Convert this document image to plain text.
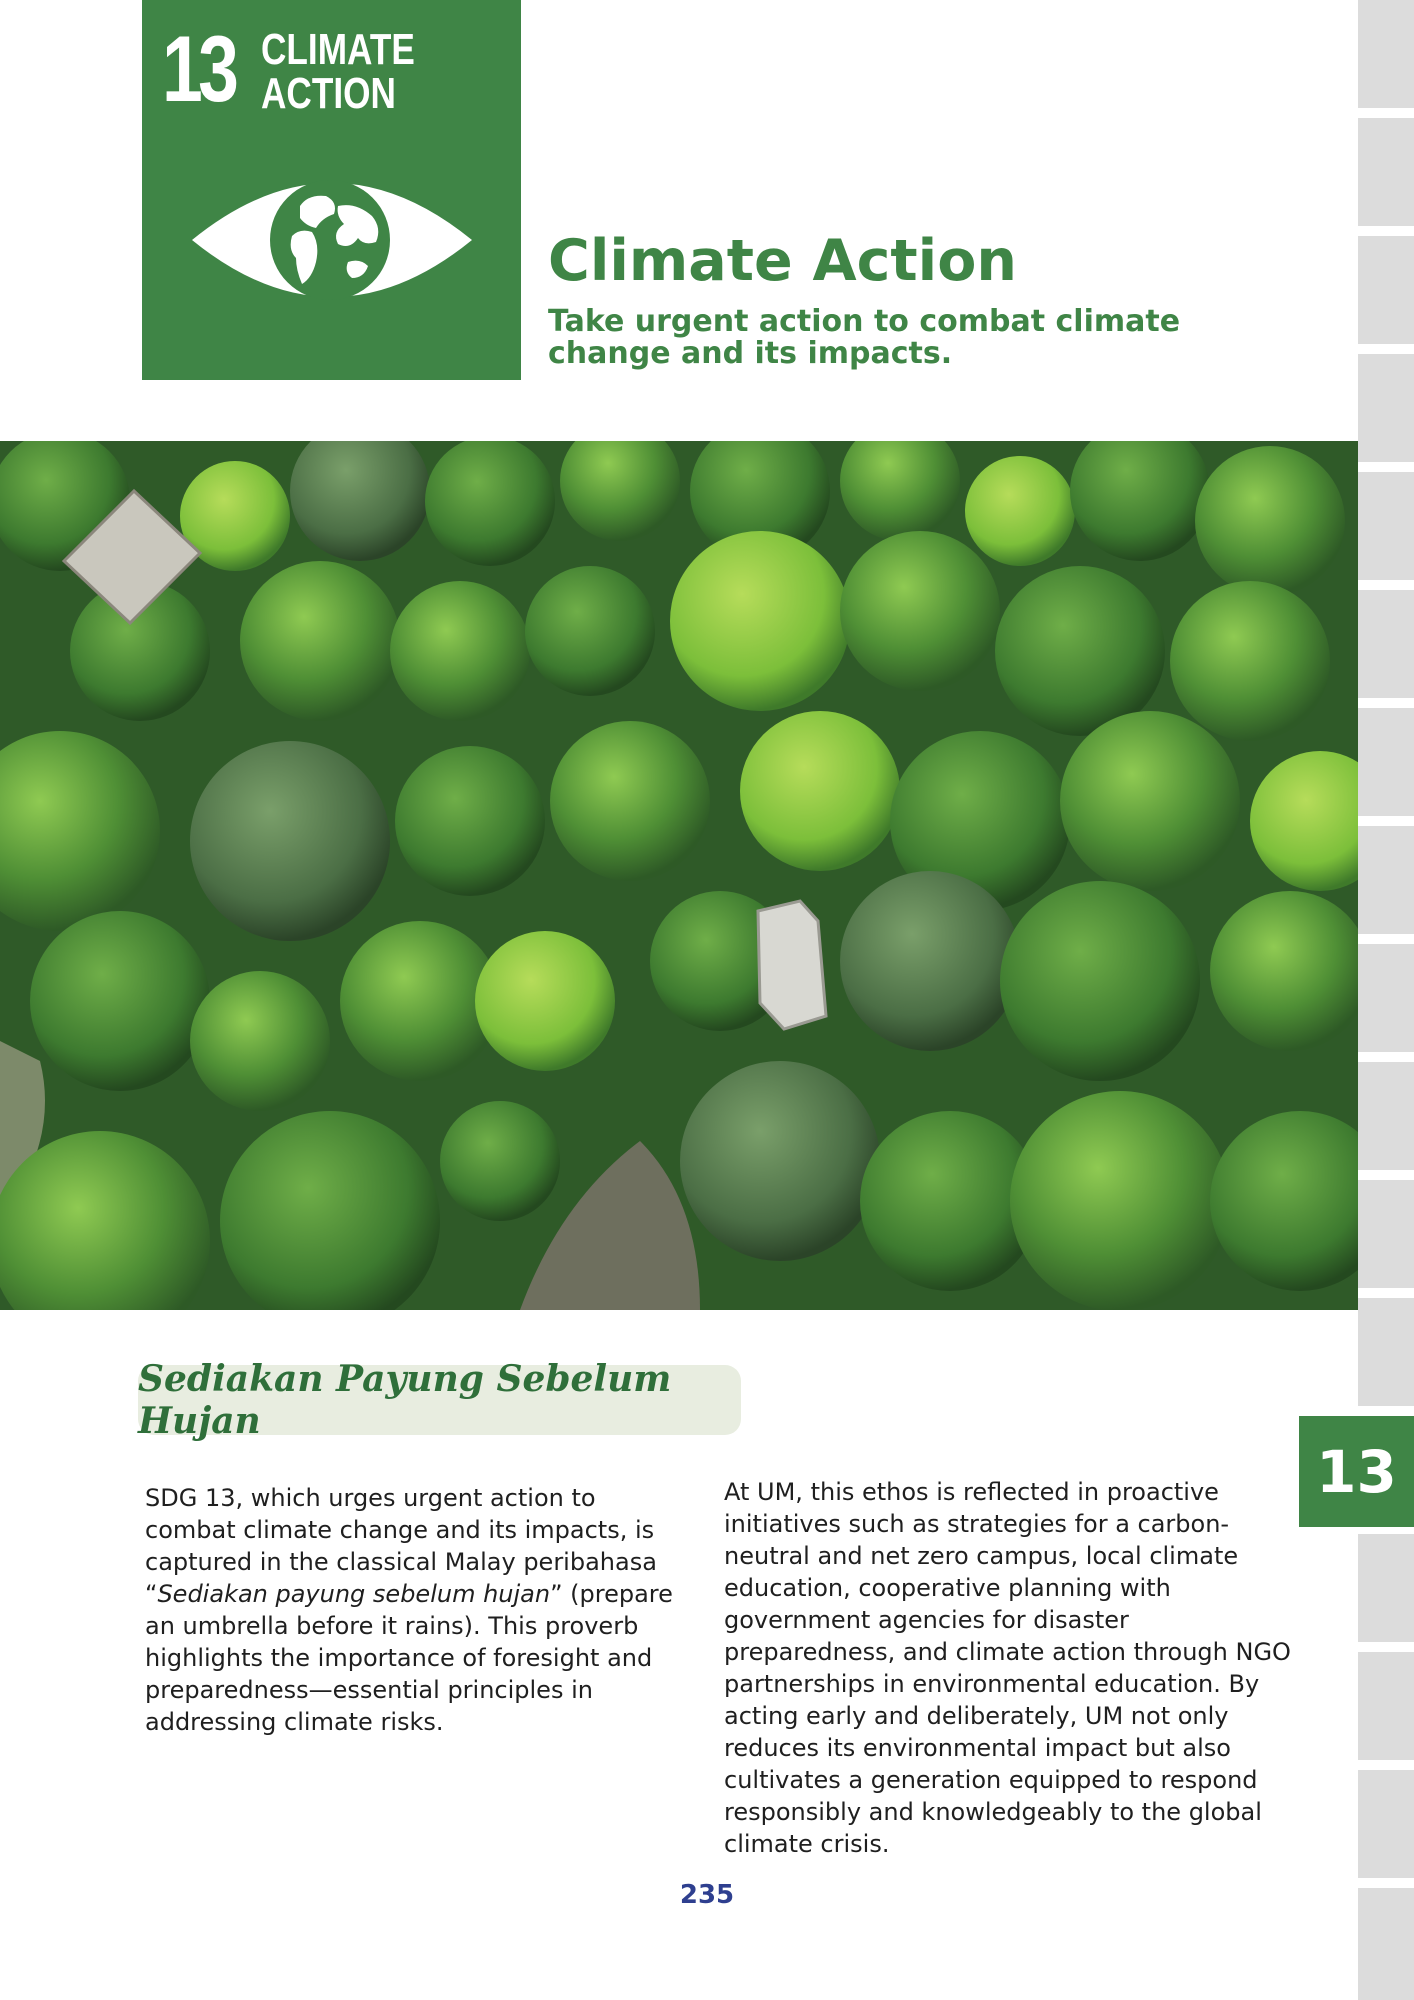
13
13 CLIMATE
ACTION
Climate Action

Take urgent action to combat climate change and its impacts.

Sediakan Payung Sebelum Hujan

SDG 13, which urges urgent action to combat climate change and its impacts, is captured in the classical Malay peribahasa “Sediakan payung sebelum hujan” (prepare an umbrella before it rains). This proverb highlights the importance of foresight and preparedness—essential principles in addressing climate risks.

At UM, this ethos is reflected in proactive initiatives such as strategies for a carbon-neutral and net zero campus, local climate education, cooperative planning with government agencies for disaster preparedness, and climate action through NGO partnerships in environmental education. By acting early and deliberately, UM not only reduces its environmental impact but also cultivates a generation equipped to respond responsibly and knowledgeably to the global climate crisis.

235
